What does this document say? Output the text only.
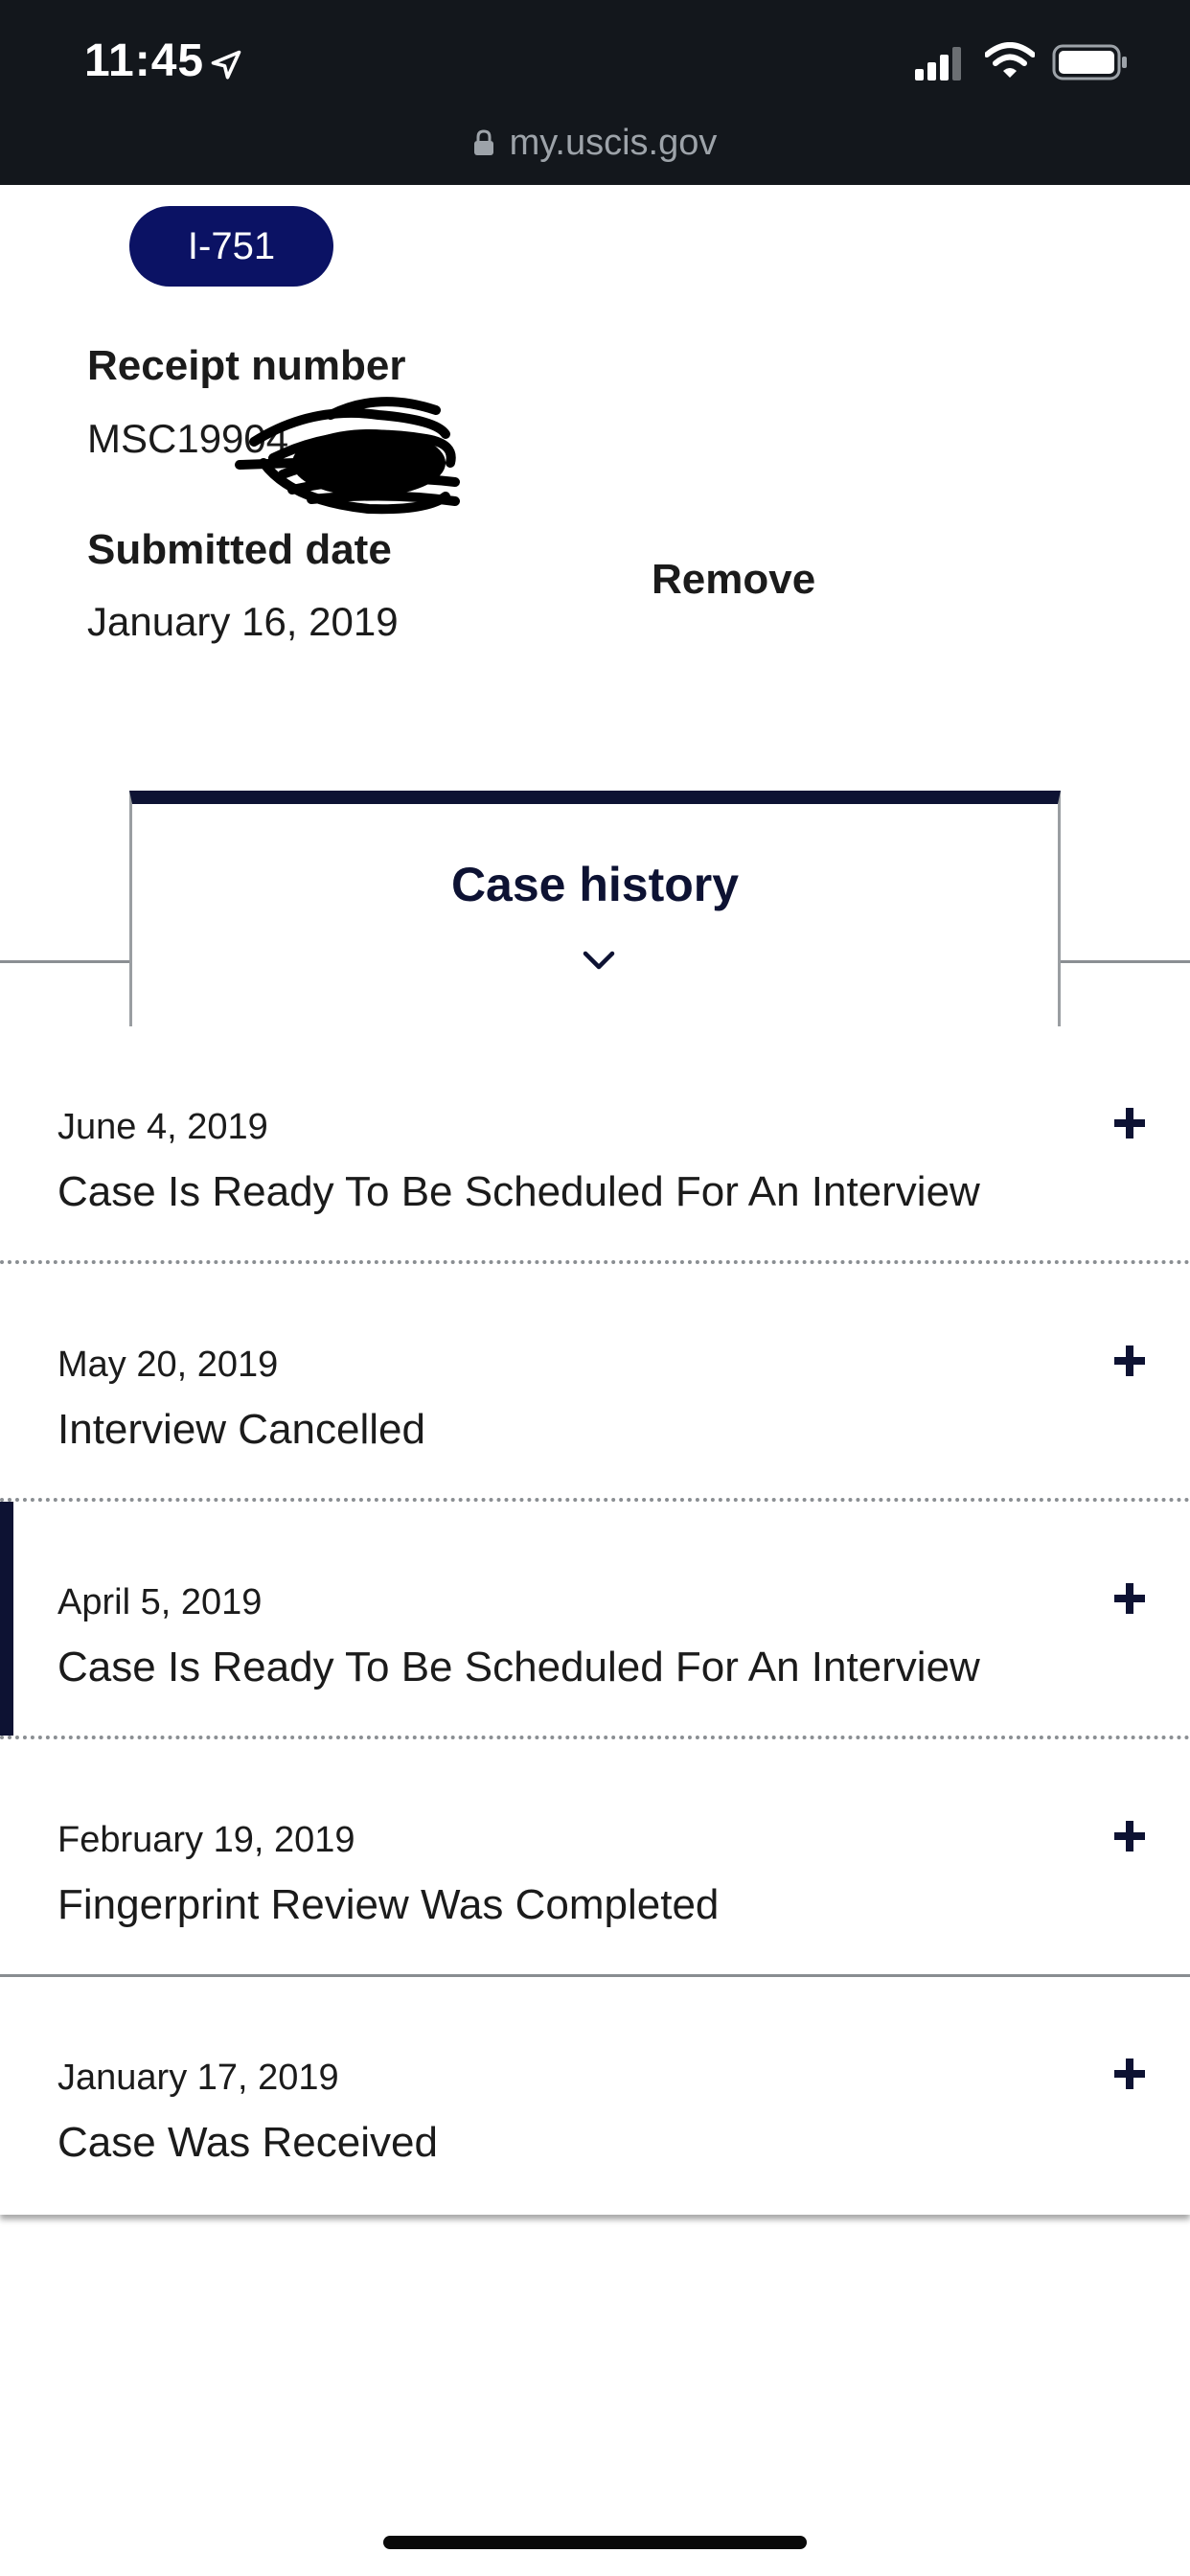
11:45
my.uscis.gov
I-751
Receipt number
MSC19904
Submitted date
January 16, 2019
Remove
Case history
June 4, 2019
Case Is Ready To Be Scheduled For An Interview
May 20, 2019
Interview Cancelled
April 5, 2019
Case Is Ready To Be Scheduled For An Interview
February 19, 2019
Fingerprint Review Was Completed
January 17, 2019
Case Was Received
